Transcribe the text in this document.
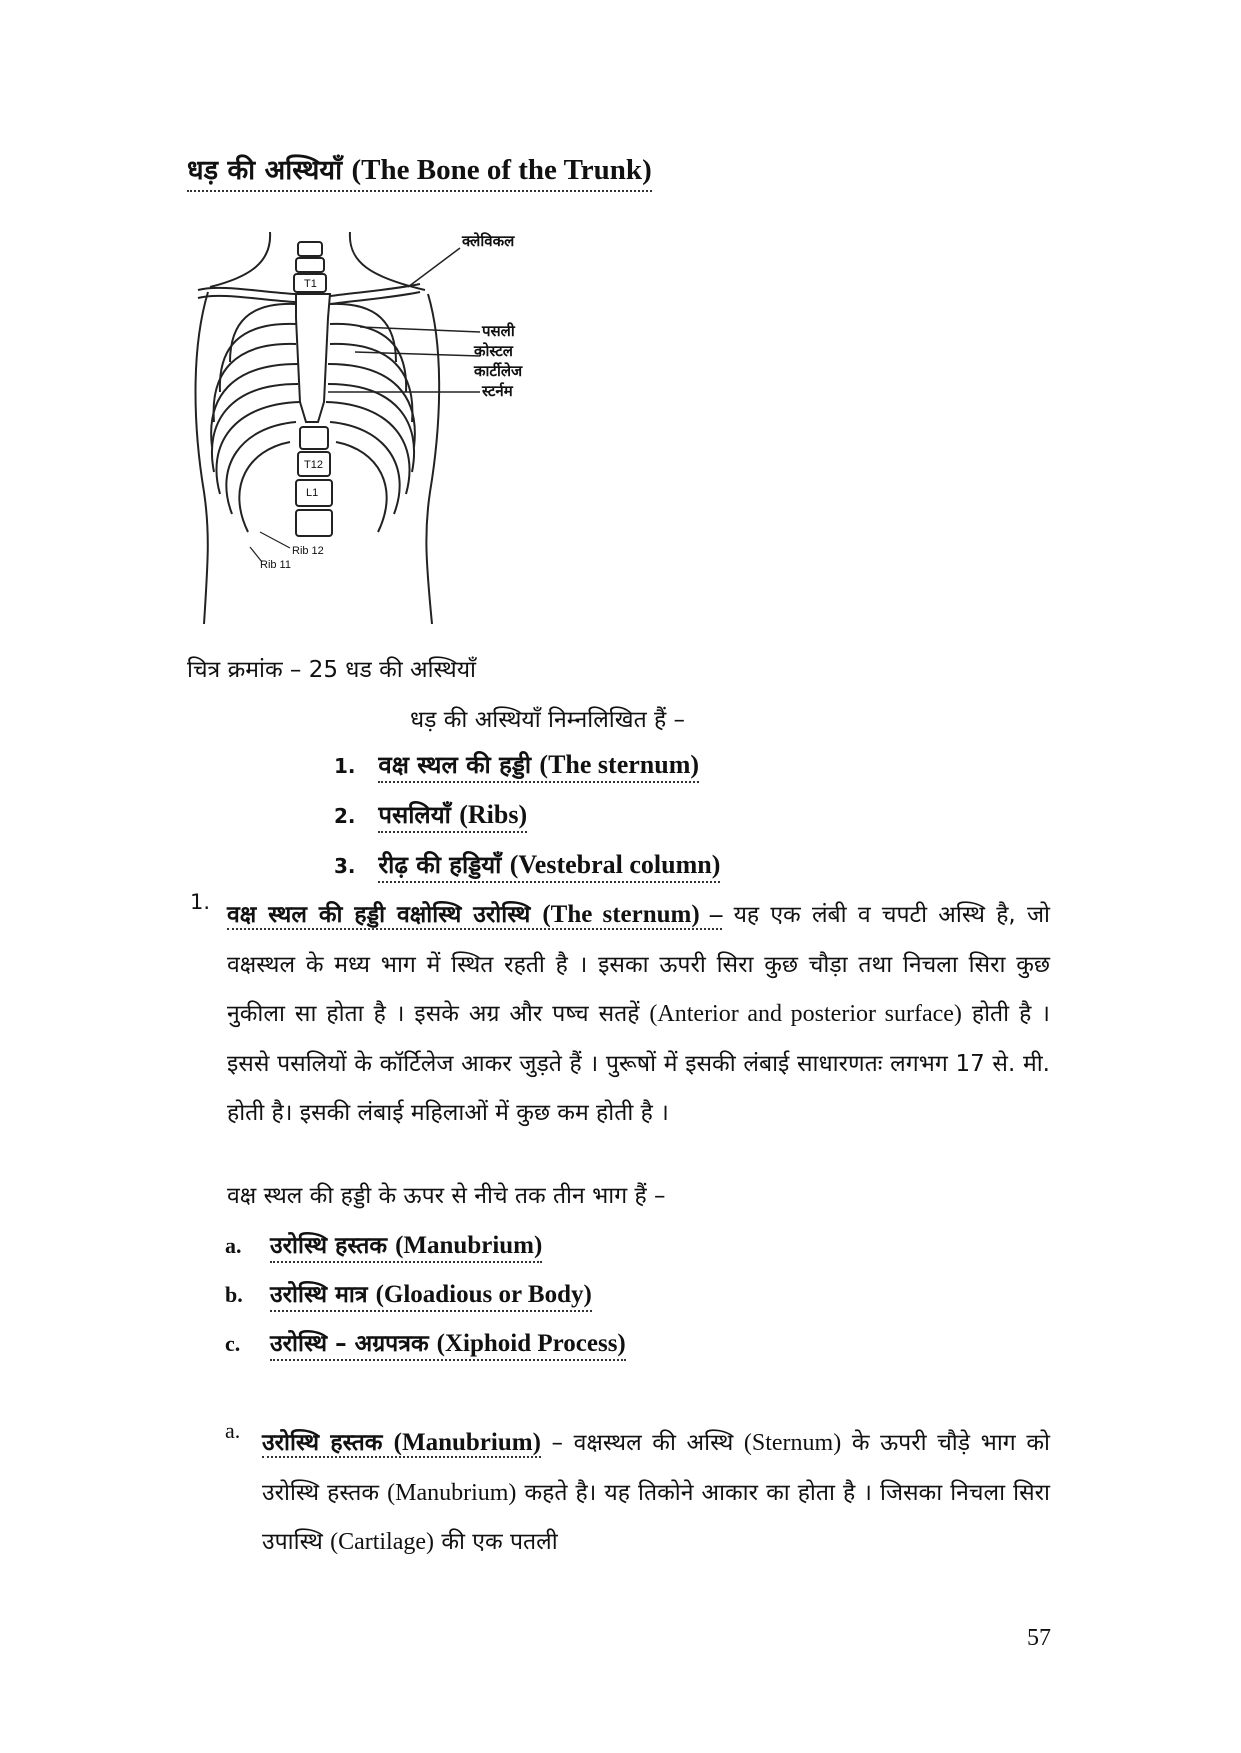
धड़ की अस्थियाँ (The Bone of the Trunk)
क्लेविकल
पसली
कोस्टल
कार्टीलेज
स्टर्नम
Rib 12
Rib 11
T1
T12
L1
चित्र क्रमांक – 25 धड की अस्थियाँ
धड़ की अस्थियाँ निम्नलिखित हैं –
1. वक्ष स्थल की हड्डी (The sternum)
2. पसलियाँ (Ribs)
3. रीढ़ की हड्डियाँ (Vestebral column)
1. वक्ष स्थल की हड्डी वक्षोस्थि उरोस्थि (The sternum) – यह एक लंबी व चपटी अस्थि है, जो वक्षस्थल के मध्य भाग में स्थित रहती है । इसका ऊपरी सिरा कुछ चौड़ा तथा निचला सिरा कुछ नुकीला सा होता है । इसके अग्र और पष्च सतहें (Anterior and posterior surface) होती है । इससे पसलियों के कॉर्टिलेज आकर जुड़ते हैं । पुरूषों में इसकी लंबाई साधारणतः लगभग 17 से. मी. होती है। इसकी लंबाई महिलाओं में कुछ कम होती है ।
वक्ष स्थल की हड्डी के ऊपर से नीचे तक तीन भाग हैं –
a. उरोस्थि हस्तक (Manubrium)
b. उरोस्थि मात्र (Gloadious or Body)
c. उरोस्थि – अग्रपत्रक (Xiphoid Process)
a. उरोस्थि हस्तक (Manubrium) – वक्षस्थल की अस्थि (Sternum) के ऊपरी चौड़े भाग को उरोस्थि हस्तक (Manubrium) कहते है। यह तिकोने आकार का होता है । जिसका निचला सिरा उपास्थि (Cartilage) की एक पतली
57
